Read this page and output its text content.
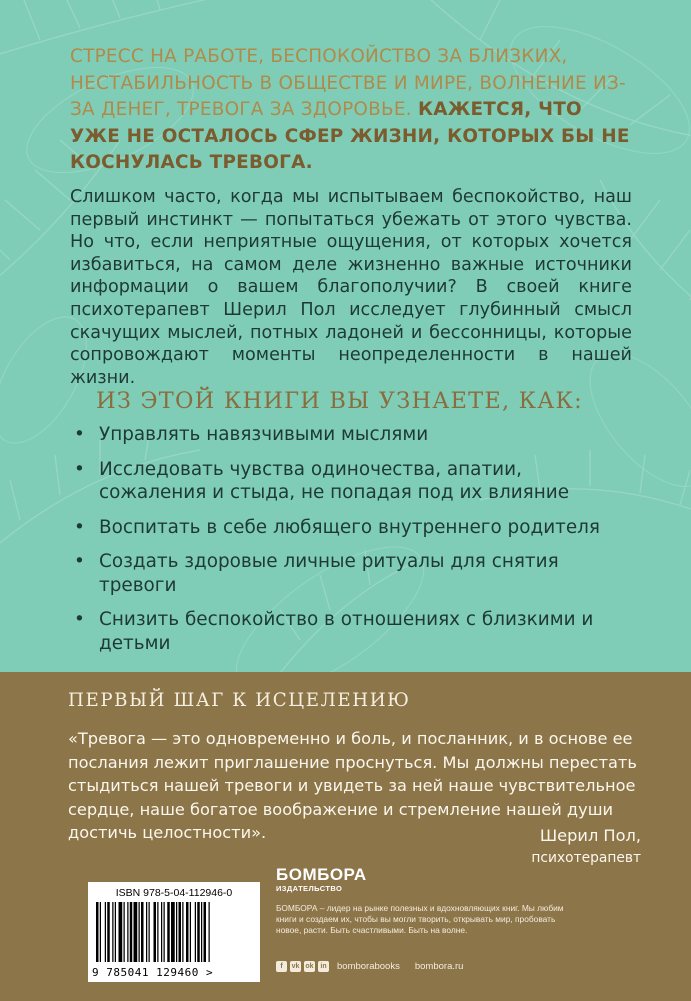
СТРЕСС НА РАБОТЕ, БЕСПОКОЙСТВО ЗА БЛИЗКИХ, НЕСТАБИЛЬНОСТЬ В ОБЩЕСТВЕ И МИРЕ, ВОЛНЕНИЕ ИЗ-ЗА ДЕНЕГ, ТРЕВОГА ЗА ЗДОРОВЬЕ. КАЖЕТСЯ, ЧТО УЖЕ НЕ ОСТАЛОСЬ СФЕР ЖИЗНИ, КОТОРЫХ БЫ НЕ КОСНУЛАСЬ ТРЕВОГА.

Слишком часто, когда мы испытываем беспокойство, наш первый инстинкт — попытаться убежать от этого чувства. Но что, если неприятные ощущения, от которых хочется избавиться, на самом деле жизненно важные источники информации о вашем благополучии? В своей книге психотерапевт Шерил Пол исследует глубинный смысл скачущих мыслей, потных ладоней и бессонницы, которые сопровождают моменты неопределенности в нашей жизни.

ИЗ ЭТОЙ КНИГИ ВЫ УЗНАЕТЕ, КАК:
• Управлять навязчивыми мыслями
• Исследовать чувства одиночества, апатии, сожаления и стыда, не попадая под их влияние
• Воспитать в себе любящего внутреннего родителя
• Создать здоровые личные ритуалы для снятия тревоги
• Снизить беспокойство в отношениях с близкими и детьми
ПЕРВЫЙ ШАГ К ИСЦЕЛЕНИЮ

«Тревога — это одновременно и боль, и посланник, и в основе ее послания лежит приглашение проснуться. Мы должны перестать стыдиться нашей тревоги и увидеть за ней наше чувствительное сердце, наше богатое воображение и стремление нашей души достичь целостности».	Шерил Пол,
психотерапевт

ISBN 978-5-04-112946-0
9 785041 129460 >
БОМБОРА
ИЗДАТЕЛЬСТВО

БОМБОРА – лидер на рынке полезных и вдохновляющих книг. Мы любим книги и создаем их, чтобы вы могли творить, открывать мир, пробовать новое, расти. Быть счастливыми. Быть на волне.

f	vk ok in bomborabooks bombora.ru
